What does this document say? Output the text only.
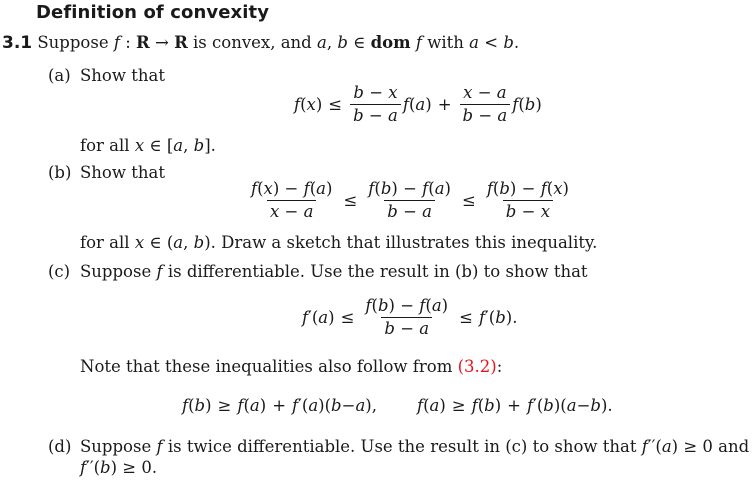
Definition of convexity
3.1 Suppose f : R → R is convex, and a, b ∈ dom f with a < b.
(a) Show that
f ( x ) ≤ $\frac{b - x}{b - a}$ f ( a ) + $\frac{x - a}{b - a}$ f ( b )
for all x ∈ [a, b].
(b) Show that
$\frac{f(x) - f(a)}{x - a} \le \frac{f(b) - f(a)}{b - a} \le \frac{f(b) - f(x)}{b - x}$
for all x ∈ (a, b). Draw a sketch that illustrates this inequality.
(c) Suppose f is differentiable. Use the result in (b) to show that
f ′( a ) ≤ $\frac{f(b) - f(a)}{b - a} \le f$ ′( b ).
Note that these inequalities also follow from (3.2):
f ( b ) ≥ f ( a ) + f ′( a )( b − a ), f ( a ) ≥ f ( b ) + f ′( b )( a − b ).
(d) Suppose f is twice differentiable. Use the result in (c) to show that f′′(a) ≥ 0 and
f′′(b) ≥ 0.
